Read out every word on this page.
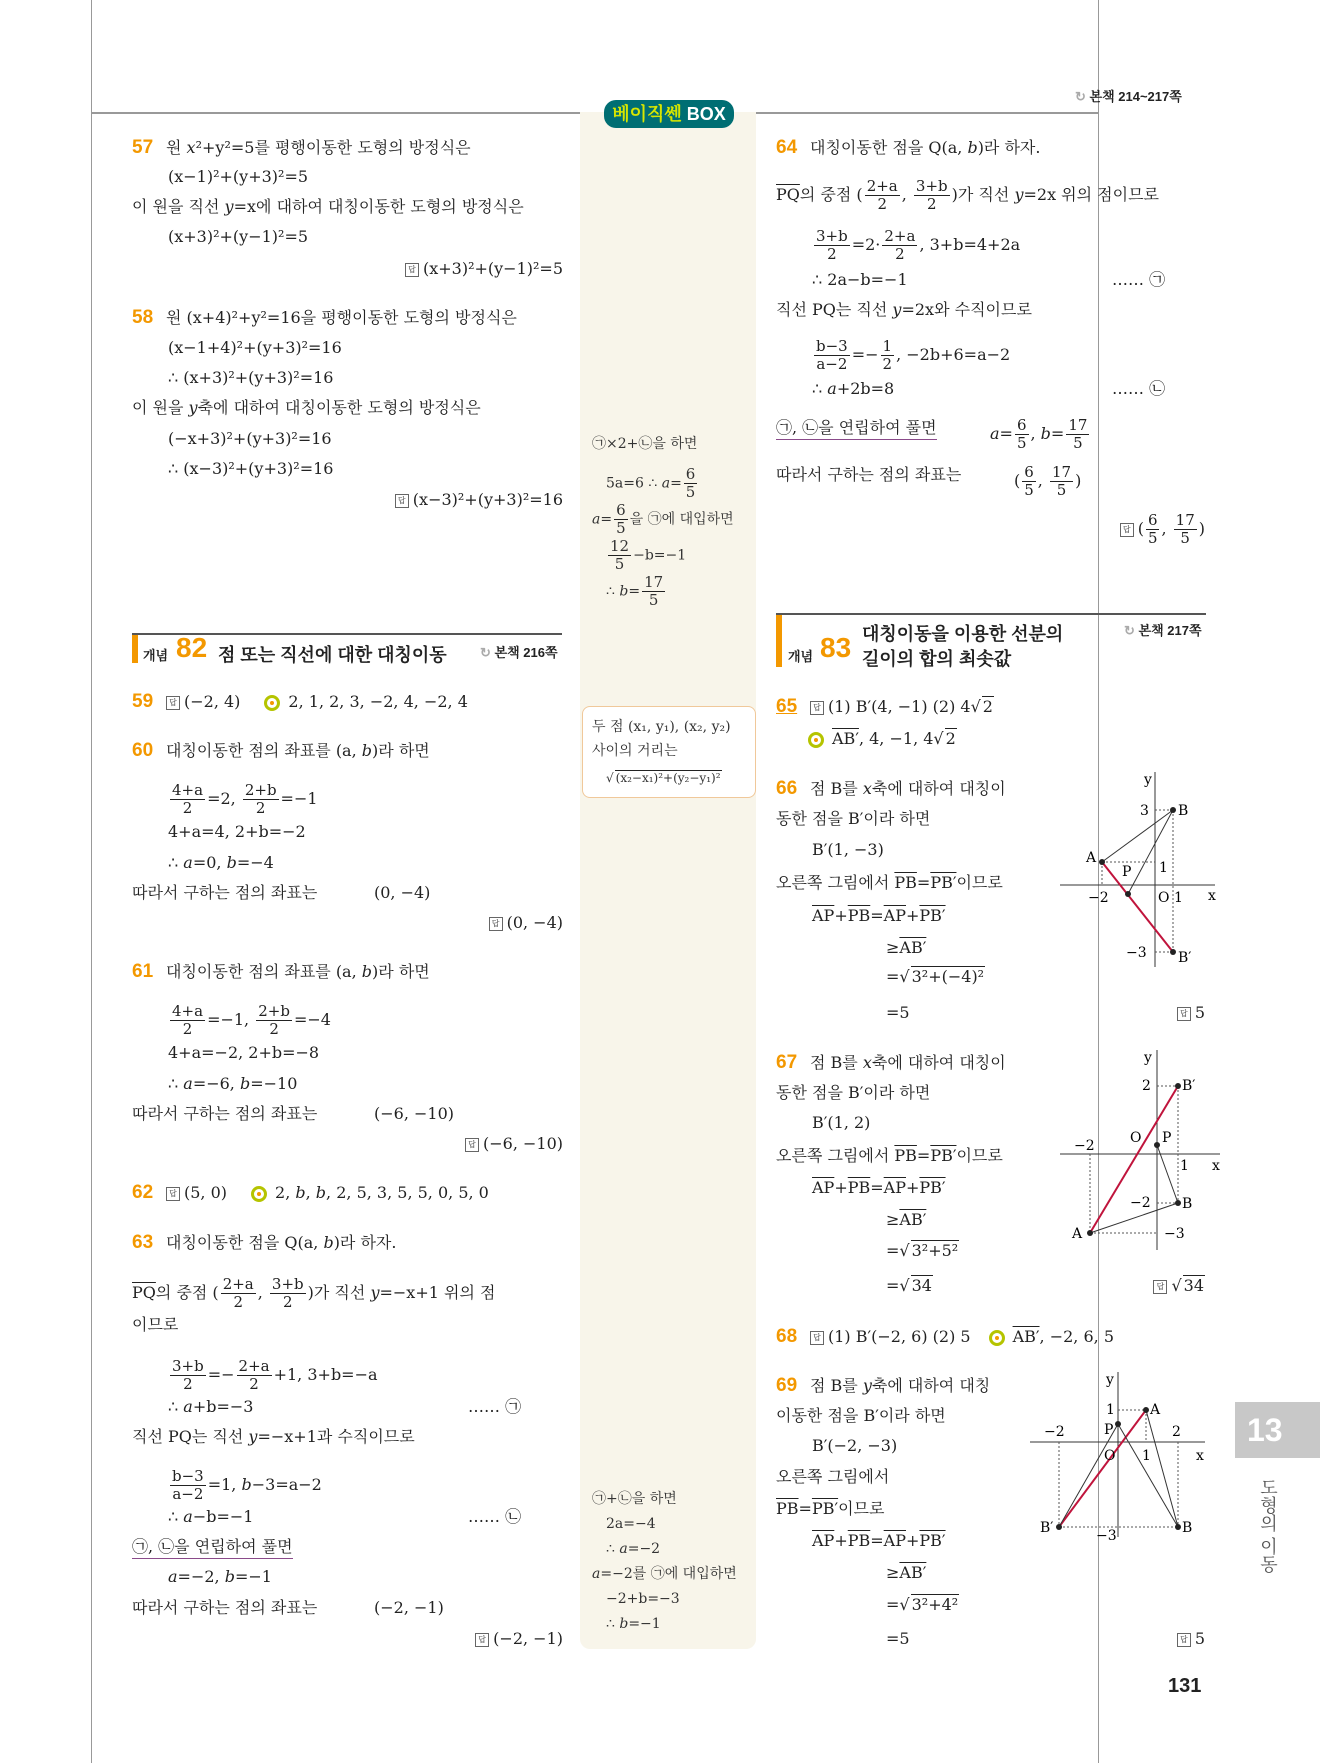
베이직쎈 BOX
↻ 본책 214~217쪽
57 원 x²+y²=5를 평행이동한 도형의 방정식은
(x−1)²+(y+3)²=5
이 원을 직선 y=x에 대하여 대칭이동한 도형의 방정식은
(x+3)²+(y−1)²=5
답 (x+3)²+(y−1)²=5
58 원 (x+4)²+y²=16을 평행이동한 도형의 방정식은
(x−1+4)²+(y+3)²=16
∴ (x+3)²+(y+3)²=16
이 원을 y축에 대하여 대칭이동한 도형의 방정식은
(−x+3)²+(y+3)²=16
∴ (x−3)²+(y+3)²=16
답 (x−3)²+(y+3)²=16
개념 82 점 또는 직선에 대한 대칭이동	↻ 본책 216쪽
59	답 (−2, 4)	2, 1, 2, 3, −2, 4, −2, 4
60 대칭이동한 점의 좌표를 (a, b)라 하면
$\frac{4+a}{2} =2$, $\frac{2+b}{2} =-1$
4+a=4, 2+b=−2
∴ a=0, b=−4
따라서 구하는 점의 좌표는	(0, −4)
답 (0, −4)
61 대칭이동한 점의 좌표를 (a, b)라 하면
$\frac{4+a}{2} =-1$, $\frac{2+b}{2} =-4$
4+a=−2, 2+b=−8
∴ a=−6, b=−10
따라서 구하는 점의 좌표는	(−6, −10)
답 (−6, −10)
62	답 (5, 0)	2, b, b, 2, 5, 3, 5, 5, 0, 5, 0
63 대칭이동한 점을 Q(a, b)라 하자.
$\overline{PQ}$의 중점 ( $\frac{2+a}{2}$ , $\frac{3+b}{2}$ )가 직선 y=−x+1 위의 점
이므로
$\frac{3+b}{2} =- \frac{2+a}{2} +1$, 3+b=−a
∴ a+b=−3	…… ㉠
직선 PQ는 직선 y=−x+1과 수직이므로
$\frac{b-3}{a-2} =1$, b−3=a−2
∴ a−b=−1	…… ㉡
㉠, ㉡을 연립하여 풀면
a=−2, b=−1
따라서 구하는 점의 좌표는	(−2, −1)
답 (−2, −1)
㉠×2+㉡을 하면
5a=6 ∴ $a= \frac{6}{5}$
$a= \frac{6}{5}$ 을 ㉠에 대입하면
$\frac{12}{5} -b=-1$
∴ $b= \frac{17}{5}$
두 점 (x₁, y₁), (x₂, y₂)
사이의 거리는
√ (x₂−x₁)²+(y₂−y₁)²
㉠+㉡을 하면
2a=−4
∴ a=−2
a=−2를 ㉠에 대입하면
−2+b=−3
∴ b=−1
64 대칭이동한 점을 Q(a, b)라 하자.
$\overline{PQ}$의 중점 ( $\frac{2+a}{2}$ , $\frac{3+b}{2}$ )가 직선 y=2x 위의 점이므로
$\frac{3+b}{2} =2\cdot \frac{2+a}{2}$ , 3+b=4+2a
∴ 2a−b=−1	…… ㉠
직선 PQ는 직선 y=2x와 수직이므로
$\frac{b-3}{a-2} =- \frac{1}{2}$ , −2b+6=a−2
∴ a+2b=8	…… ㉡
㉠, ㉡을 연립하여 풀면	$a= \frac{6}{5}$ , $b= \frac{17}{5}$
따라서 구하는 점의 좌표는	( $\frac{6}{5}$ , $\frac{17}{5}$ )
답 ( $\frac{6}{5}$ , $\frac{17}{5}$ )
개념 83 대칭이동을 이용한 선분의
길이의 합의 최솟값
↻ 본책 217쪽
65	답 (1) B′(4, −1) (2) 4√ 2
AB′, 4, −1, 4√ 2
66 점 B를 x축에 대하여 대칭이
동한 점을 B′이라 하면
B′(1, −3)
오른쪽 그림에서 $\overline{PB}=PB'$이므로
$\overline{AP}+\overline{PB}=\overline{AP}+PB'$
≥AB′
=√ 3²+(−4)²
=5	답 5
y
x
3 B
A
P 1
−2	O 1
−3 B′
67 점 B를 x축에 대하여 대칭이
동한 점을 B′이라 하면
B′(1, 2)
오른쪽 그림에서 $\overline{PB}=PB'$이므로
$\overline{AP}+\overline{PB}=\overline{AP}+PB'$
≥AB′
=√ 3²+5²
=√ 34	답 √ 34
y
x
2 B′
−2	O P
1
−2 B
A	−3
68	답 (1) B′(−2, 6) (2) 5	AB′, −2, 6, 5
69 점 B를 y축에 대하여 대칭
이동한 점을 B′이라 하면
B′(−2, −3)
오른쪽 그림에서
$\overline{PB}=PB'$이므로
$\overline{AP}+\overline{PB}=\overline{AP}+PB'$
≥AB′
=√ 3²+4²
=5	답 5
y
x
1	A
P
−2	2
O 1
−3
B′	B
131
13
도형의 이동
